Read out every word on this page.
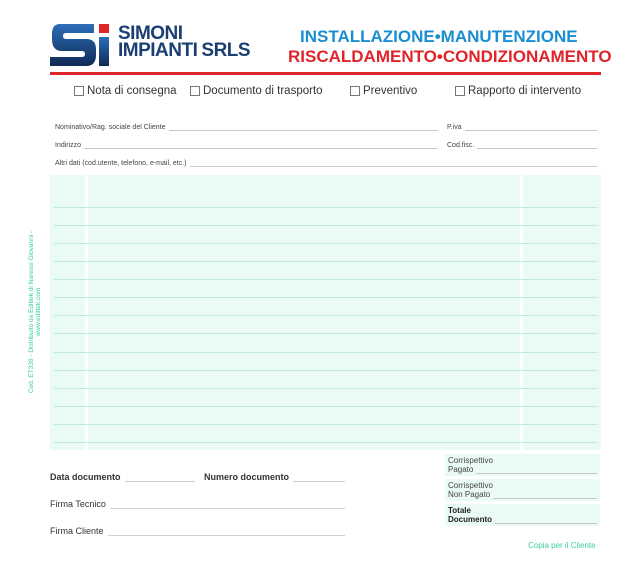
SIMONI
IMPIANTI SRLS
INSTALLAZIONE•MANUTENZIONE
RISCALDAMENTO•CONDIZIONAMENTO
Nota di consegna Documento di trasporto	Preventivo	Rapporto di intervento
Nominativo/Rag. sociale del Cliente	P.iva
Indirizzo	Cod.fisc.
Altri dati (cod.utente, telefono, e-mail, etc.)
Cod. ET339 - Distribuito da Edittek di Naressi Giovanni - www.edittek.com
Data documento	Numero documento
Firma Tecnico
Firma Cliente
Corrispettivo
Pagato
Corrispettivo
Non Pagato
Totale
Documento
Copia per il Cliente
